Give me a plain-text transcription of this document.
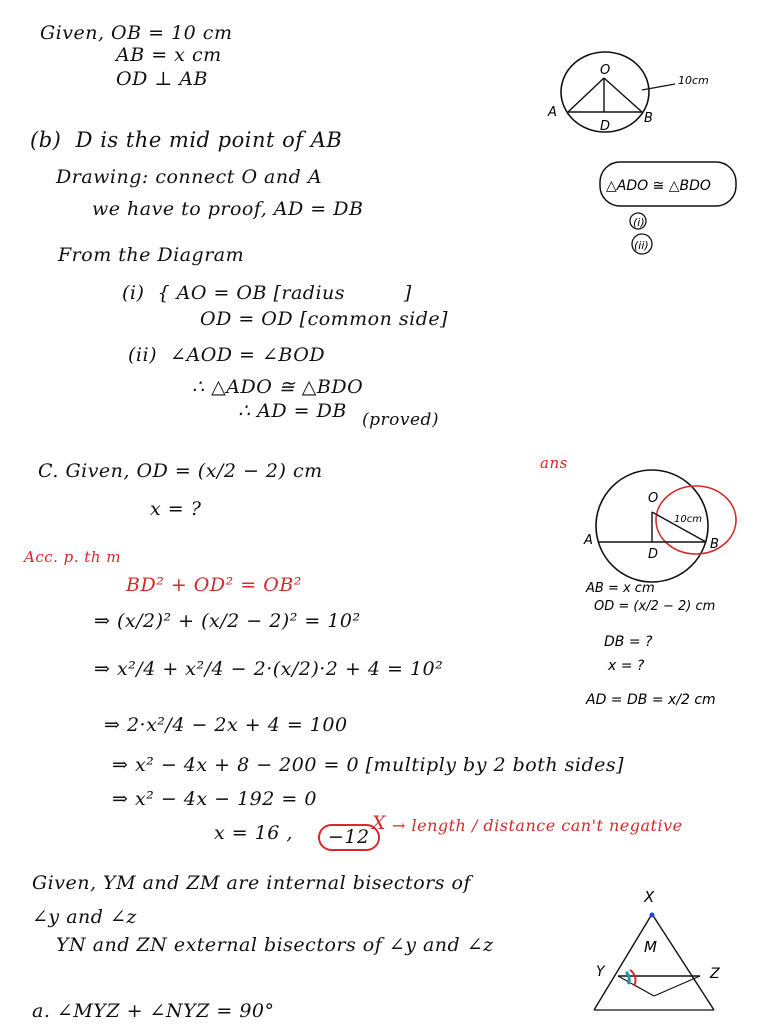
Given, OB = 10 cm
AB = x cm
OD ⊥ AB
(b)  D is the mid point of AB
Drawing: connect O and A
we have to proof, AD = DB
From the Diagram
(i)  { AO = OB [radius         ]
OD = OD [common side]
(ii)  ∠AOD = ∠BOD
∴ △ADO ≅ △BDO
∴ AD = DB (proved)
O
A	B
D
10cm
△ADO ≅ △BDO
(i)
(ii)
C. Given, OD = (x/2 − 2) cm
x = ?
Acc. p. th m
BD² + OD² = OB²
⇒ (x/2)² + (x/2 − 2)² = 10²
⇒ x²/4 + x²/4 − 2·(x/2)·2 + 4 = 10²
⇒ 2·x²/4 − 2x + 4 = 100
⇒ x² − 4x + 8 − 200 = 0 [multiply by 2 both sides]
⇒ x² − 4x − 192 = 0
x = 16 ,	−12
X → length / distance can't negative
ans
O
A	B
D
10cm
AB = x cm
OD = (x/2 − 2) cm
DB = ?
x = ?
AD = DB = x/2 cm
Given, YM and ZM are internal bisectors of
∠y and ∠z
YN and ZN external bisectors of ∠y and ∠z
a. ∠MYZ + ∠NYZ = 90°
X
M
Y	Z
